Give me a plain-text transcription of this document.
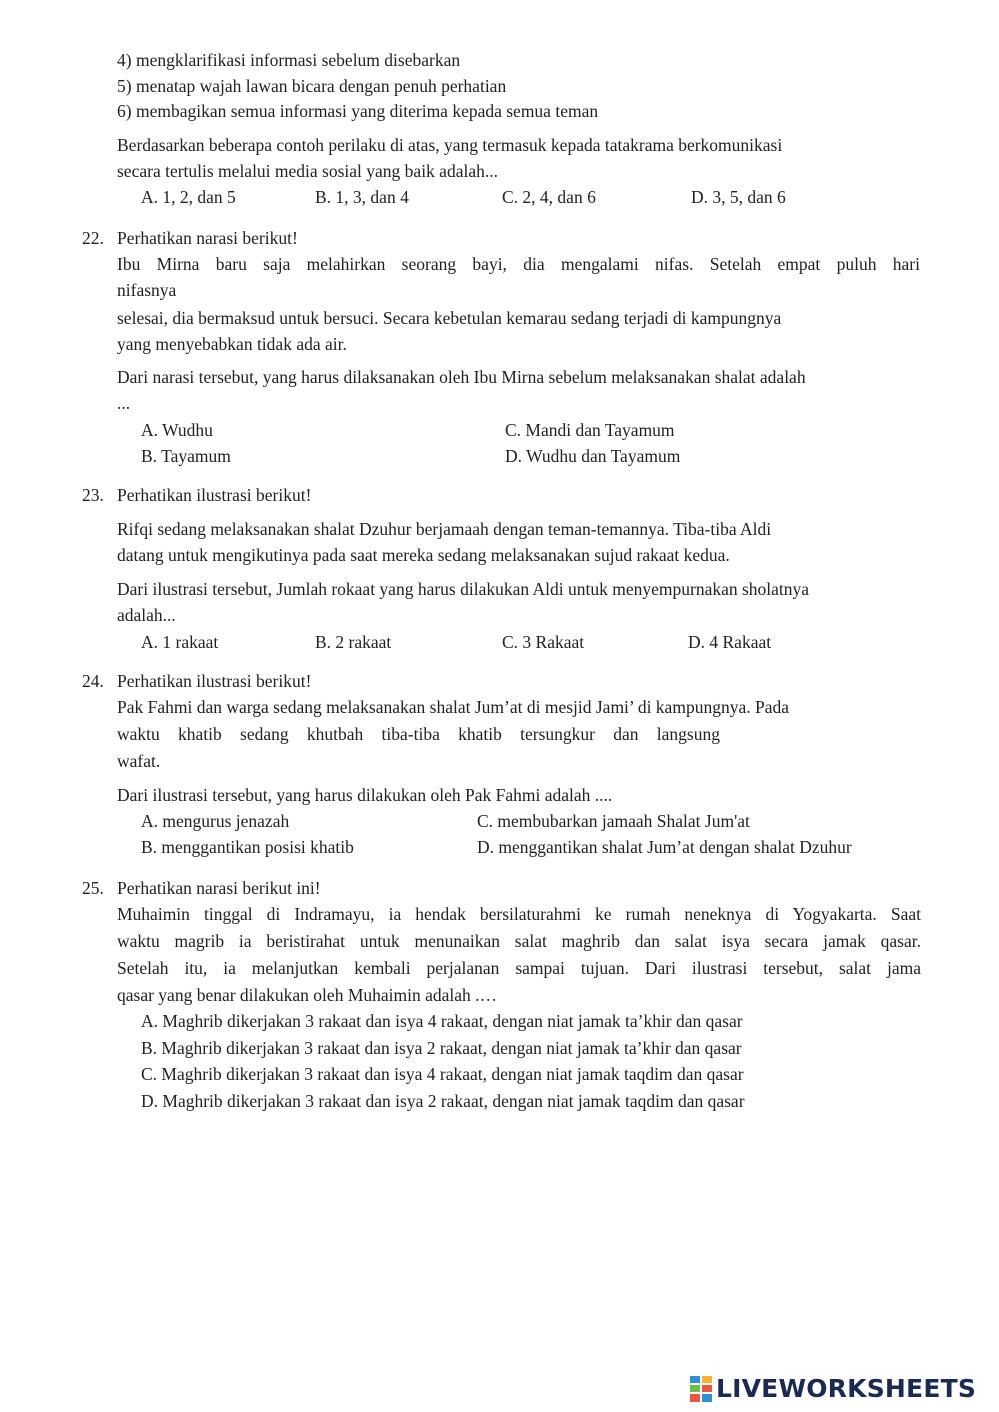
4) mengklarifikasi informasi sebelum disebarkan
5) menatap wajah lawan bicara dengan penuh perhatian
6) membagikan semua informasi yang diterima kepada semua teman
Berdasarkan beberapa contoh perilaku di atas, yang termasuk kepada tatakrama berkomunikasi
secara tertulis melalui media sosial yang baik adalah...
A. 1, 2, dan 5	B. 1, 3, dan 4	C. 2, 4, dan 6	D. 3, 5, dan 6
22. Perhatikan narasi berikut!
Ibu Mirna baru saja melahirkan seorang bayi, dia mengalami nifas. Setelah empat puluh hari
nifasnya
selesai, dia bermaksud untuk bersuci. Secara kebetulan kemarau sedang terjadi di kampungnya
yang menyebabkan tidak ada air.
Dari narasi tersebut, yang harus dilaksanakan oleh Ibu Mirna sebelum melaksanakan shalat adalah
...
A. Wudhu	C. Mandi dan Tayamum
B. Tayamum	D. Wudhu dan Tayamum
23. Perhatikan ilustrasi berikut!
Rifqi sedang melaksanakan shalat Dzuhur berjamaah dengan teman-temannya. Tiba-tiba Aldi
datang untuk mengikutinya pada saat mereka sedang melaksanakan sujud rakaat kedua.
Dari ilustrasi tersebut, Jumlah rokaat yang harus dilakukan Aldi untuk menyempurnakan sholatnya
adalah...
A. 1 rakaat	B. 2 rakaat	C. 3 Rakaat	D. 4 Rakaat
24. Perhatikan ilustrasi berikut!
Pak Fahmi dan warga sedang melaksanakan shalat Jum’at di mesjid Jami’ di kampungnya. Pada
waktu khatib sedang khutbah tiba-tiba khatib tersungkur dan langsung
wafat.
Dari ilustrasi tersebut, yang harus dilakukan oleh Pak Fahmi adalah ....
A. mengurus jenazah	C. membubarkan jamaah Shalat Jum'at
B. menggantikan posisi khatib	D. menggantikan shalat Jum’at dengan shalat Dzuhur
25. Perhatikan narasi berikut ini!
Muhaimin tinggal di Indramayu, ia hendak bersilaturahmi ke rumah neneknya di Yogyakarta. Saat
waktu magrib ia beristirahat untuk menunaikan salat maghrib dan salat isya secara jamak qasar.
Setelah itu, ia melanjutkan kembali perjalanan sampai tujuan. Dari ilustrasi tersebut, salat jama
qasar yang benar dilakukan oleh Muhaimin adalah .…
A. Maghrib dikerjakan 3 rakaat dan isya 4 rakaat, dengan niat jamak ta’khir dan qasar
B. Maghrib dikerjakan 3 rakaat dan isya 2 rakaat, dengan niat jamak ta’khir dan qasar
C. Maghrib dikerjakan 3 rakaat dan isya 4 rakaat, dengan niat jamak taqdim dan qasar
D. Maghrib dikerjakan 3 rakaat dan isya 2 rakaat, dengan niat jamak taqdim dan qasar
LIVEWORKSHEETS
